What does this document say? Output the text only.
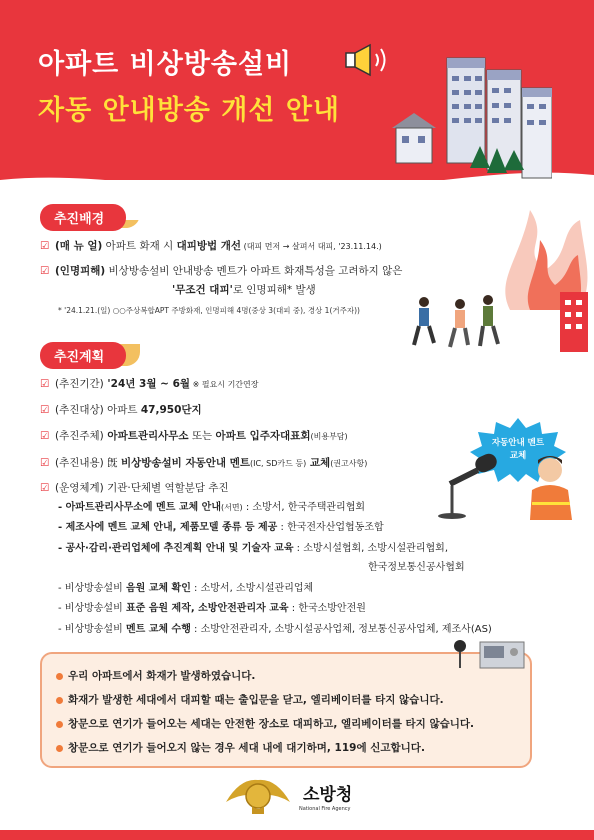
아파트 비상방송설비
자동 안내방송 개선 안내
추진배경
☑ (매 뉴 얼) 아파트 화재 시 대피방법 개선 (대피 먼저 → 살펴서 대피, '23.11.14.)
☑ (인명피해) 비상방송설비 안내방송 멘트가 아파트 화재특성을 고려하지 않은
'무조건 대피'로 인명피해* 발생
* '24.1.21.(일) ○○주상복합APT 주방화재, 인명피해 4명(중상 3(대피 중), 경상 1(거주자))
추진계획
☑ (추진기간) '24년 3월 ~ 6월 ※ 필요시 기간연장
☑ (추진대상) 아파트 47,950단지
☑ (추진주체) 아파트관리사무소 또는 아파트 입주자대표회(비용부담)
☑ (추진내용) 旣 비상방송설비 자동안내 멘트(IC, SD카드 등) 교체(권고사항)
☑ (운영체계) 기관·단체별 역할분담 추진
- 아파트관리사무소에 멘트 교체 안내(서면) : 소방서, 한국주택관리협회
- 제조사에 멘트 교체 안내, 제품모델 종류 등 제공 : 한국전자산업협동조합
- 공사·감리·관리업체에 추진계획 안내 및 기술자 교육 : 소방시설협회, 소방시설관리협회,
한국정보통신공사협회
- 비상방송설비 음원 교체 확인 : 소방서, 소방시설관리업체
- 비상방송설비 표준 음원 제작, 소방안전관리자 교육 : 한국소방안전원
- 비상방송설비 멘트 교체 수행 : 소방안전관리자, 소방시설공사업체, 정보통신공사업체, 제조사(AS)
자동안내 멘트
교체
우리 아파트에서 화재가 발생하였습니다.
화재가 발생한 세대에서 대피할 때는 출입문을 닫고, 엘리베이터를 타지 않습니다.
창문으로 연기가 들어오는 세대는 안전한 장소로 대피하고, 엘리베이터를 타지 않습니다.
창문으로 연기가 들어오지 않는 경우 세대 내에 대기하며, 119에 신고합니다.
소방청
National Fire Agency
